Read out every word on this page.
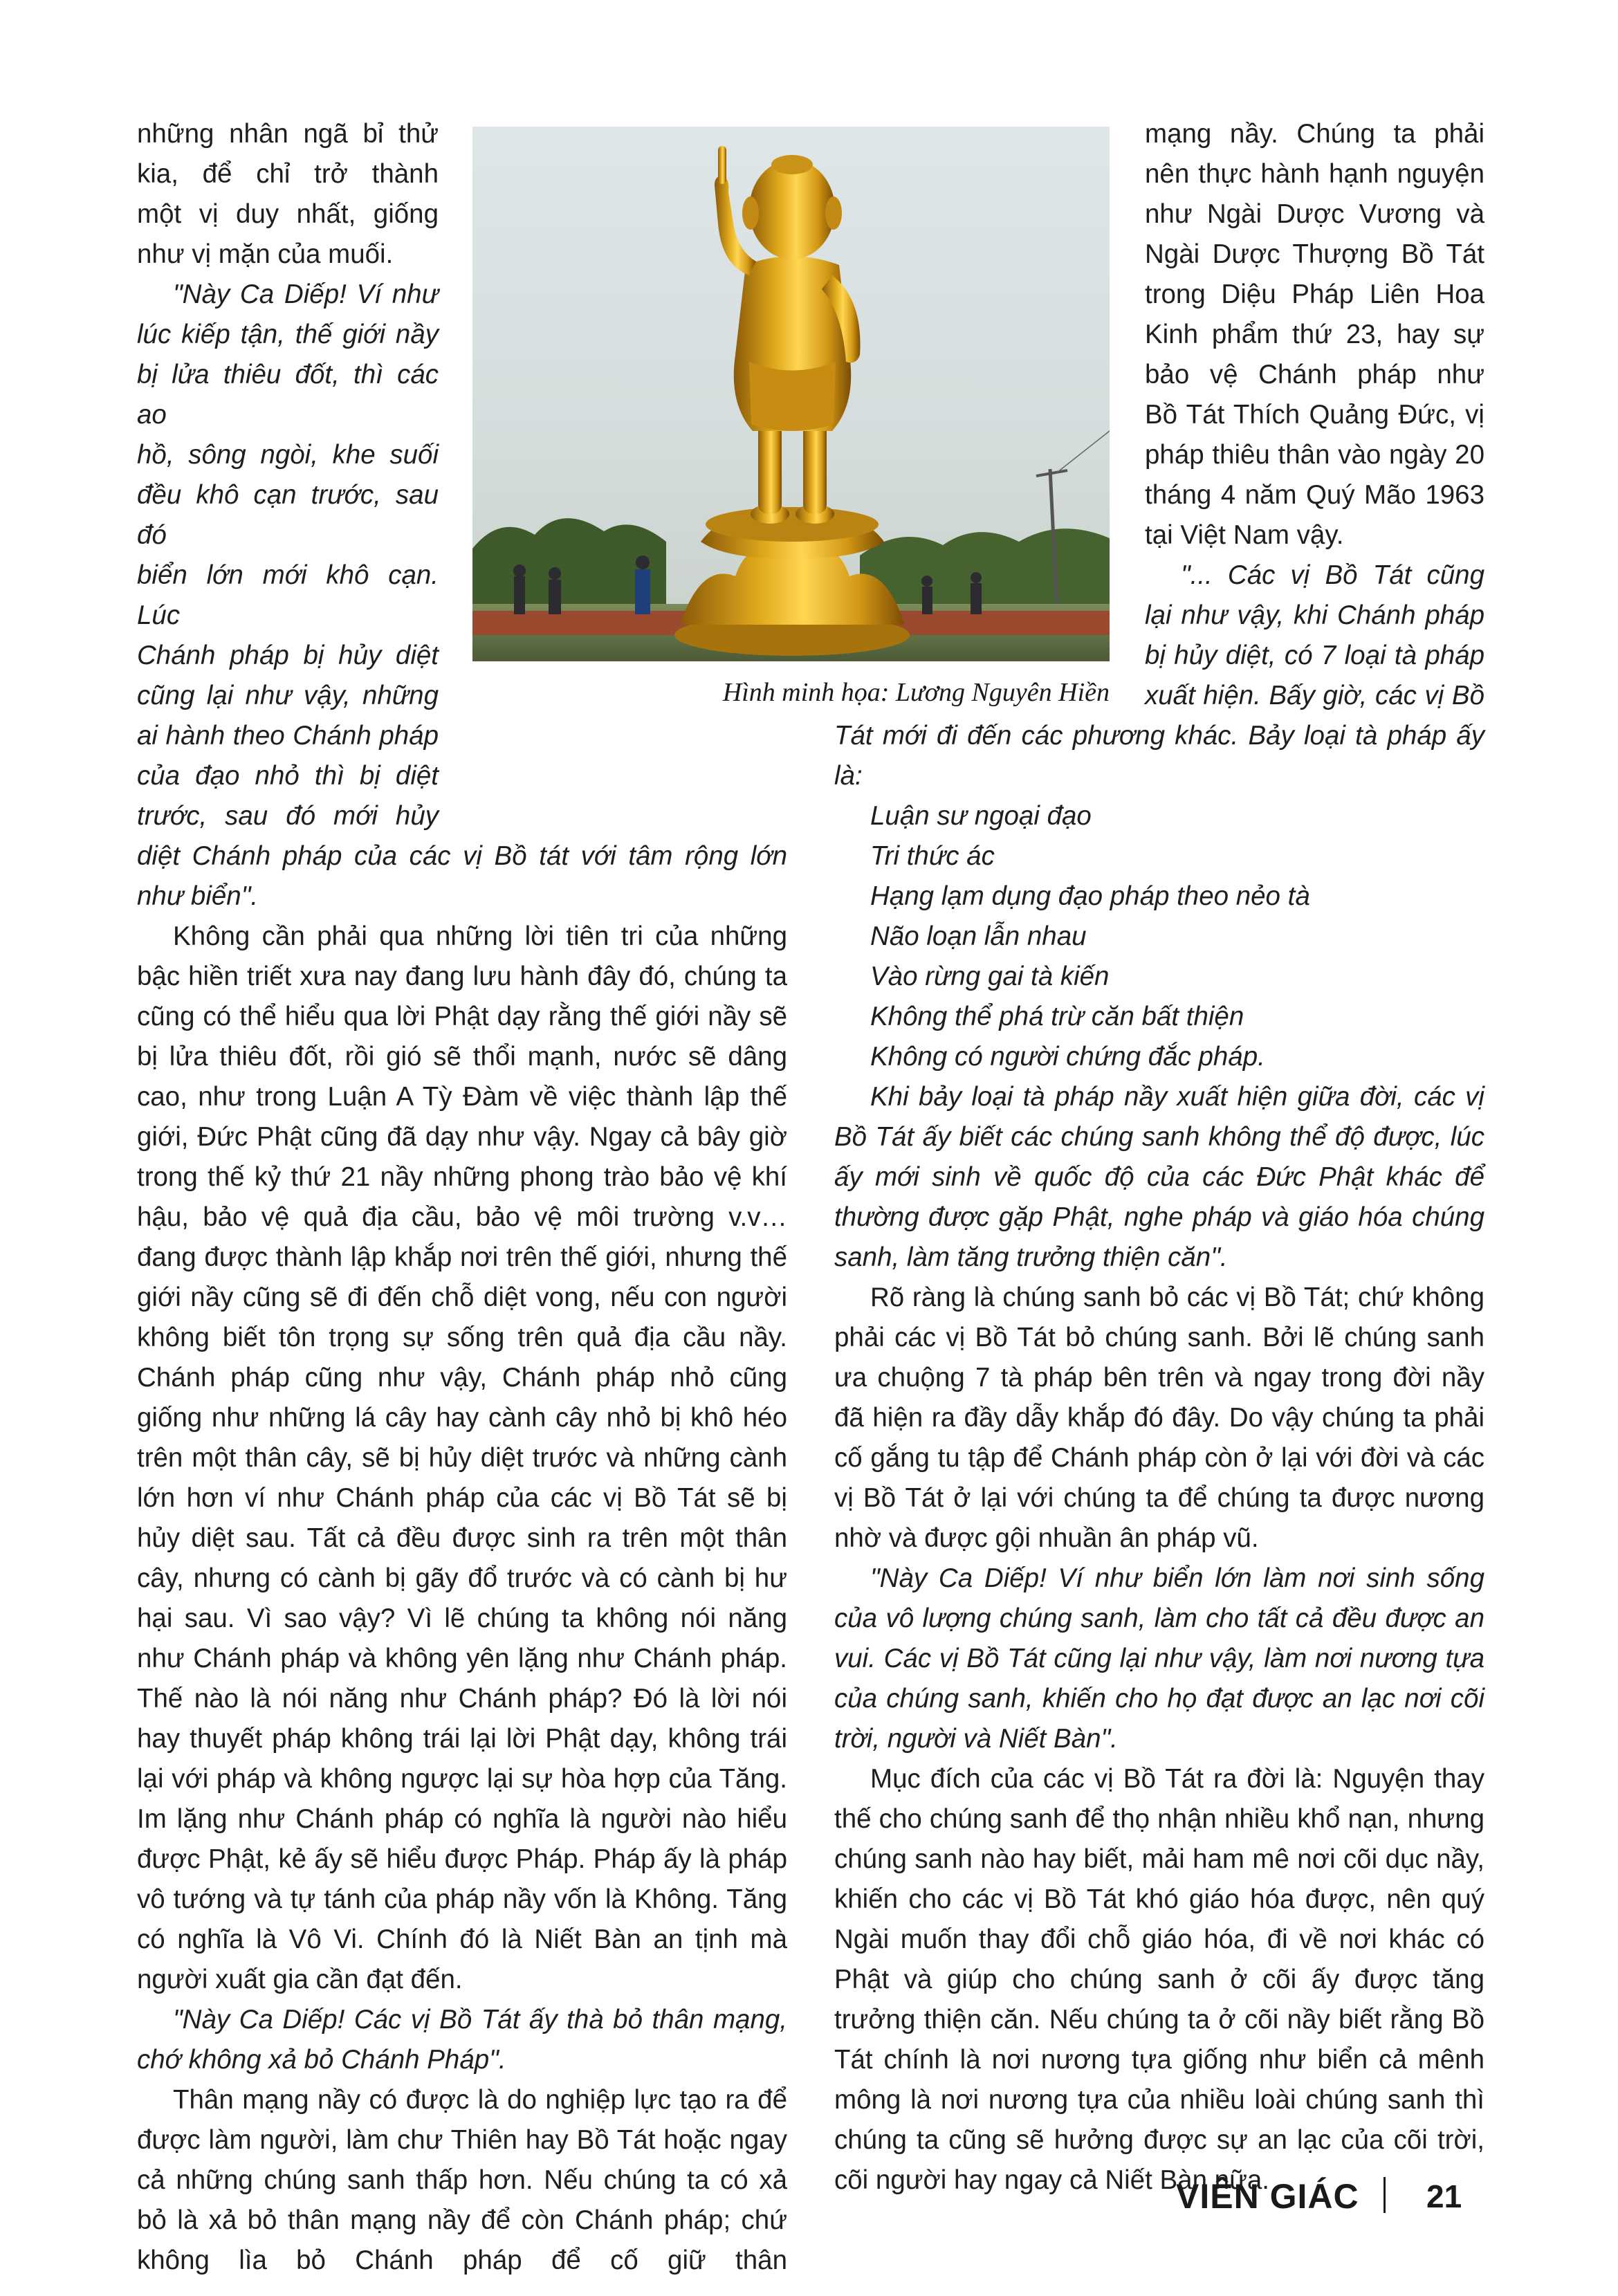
những nhân ngã bỉ thử
kia, để chỉ trở thành
một vị duy nhất, giống
như vị mặn của muối.
"Này Ca Diếp! Ví như
lúc kiếp tận, thế giới nầy
bị lửa thiêu đốt, thì các ao
hồ, sông ngòi, khe suối
đều khô cạn trước, sau đó
biển lớn mới khô cạn. Lúc
Chánh pháp bị hủy diệt
cũng lại như vậy, những
ai hành theo Chánh pháp
của đạo nhỏ thì bị diệt
trước, sau đó mới hủy

diệt Chánh pháp của các vị Bồ tát với tâm rộng lớn như biển".

Không cần phải qua những lời tiên tri của những bậc hiền triết xưa nay đang lưu hành đây đó, chúng ta cũng có thể hiểu qua lời Phật dạy rằng thế giới nầy sẽ bị lửa thiêu đốt, rồi gió sẽ thổi mạnh, nước sẽ dâng cao, như trong Luận A Tỳ Đàm về việc thành lập thế giới, Đức Phật cũng đã dạy như vậy. Ngay cả bây giờ trong thế kỷ thứ 21 nầy những phong trào bảo vệ khí hậu, bảo vệ quả địa cầu, bảo vệ môi trường v.v… đang được thành lập khắp nơi trên thế giới, nhưng thế giới nầy cũng sẽ đi đến chỗ diệt vong, nếu con người không biết tôn trọng sự sống trên quả địa cầu nầy. Chánh pháp cũng như vậy, Chánh pháp nhỏ cũng giống như những lá cây hay cành cây nhỏ bị khô héo trên một thân cây, sẽ bị hủy diệt trước và những cành lớn hơn ví như Chánh pháp của các vị Bồ Tát sẽ bị hủy diệt sau. Tất cả đều được sinh ra trên một thân cây, nhưng có cành bị gãy đổ trước và có cành bị hư hại sau. Vì sao vậy? Vì lẽ chúng ta không nói năng như Chánh pháp và không yên lặng như Chánh pháp. Thế nào là nói năng như Chánh pháp? Đó là lời nói hay thuyết pháp không trái lại lời Phật dạy, không trái lại với pháp và không ngược lại sự hòa hợp của Tăng. Im lặng như Chánh pháp có nghĩa là người nào hiểu được Phật, kẻ ấy sẽ hiểu được Pháp. Pháp ấy là pháp vô tướng và tự tánh của pháp nầy vốn là Không. Tăng có nghĩa là Vô Vi. Chính đó là Niết Bàn an tịnh mà người xuất gia cần đạt đến.

"Này Ca Diếp! Các vị Bồ Tát ấy thà bỏ thân mạng, chớ không xả bỏ Chánh Pháp".

Thân mạng nầy có được là do nghiệp lực tạo ra để được làm người, làm chư Thiên hay Bồ Tát hoặc ngay cả những chúng sanh thấp hơn. Nếu chúng ta có xả bỏ là xả bỏ thân mạng nầy để còn Chánh pháp; chứ không lìa bỏ Chánh pháp để cố giữ thân

Hình minh họa: Lương Nguyên Hiền
mạng nầy. Chúng ta phải
nên thực hành hạnh nguyện
như Ngài Dược Vương và
Ngài Dược Thượng Bồ Tát
trong Diệu Pháp Liên Hoa
Kinh phẩm thứ 23, hay sự
bảo vệ Chánh pháp như
Bồ Tát Thích Quảng Đức, vị
pháp thiêu thân vào ngày 20
tháng 4 năm Quý Mão 1963
tại Việt Nam vậy.
"... Các vị Bồ Tát cũng
lại như vậy, khi Chánh pháp
bị hủy diệt, có 7 loại tà pháp
xuất hiện. Bấy giờ, các vị Bồ

Tát mới đi đến các phương khác. Bảy loại tà pháp ấy là:

Luận sư ngoại đạo
Tri thức ác
Hạng lạm dụng đạo pháp theo nẻo tà
Não loạn lẫn nhau
Vào rừng gai tà kiến
Không thể phá trừ căn bất thiện
Không có người chứng đắc pháp.

Khi bảy loại tà pháp nầy xuất hiện giữa đời, các vị Bồ Tát ấy biết các chúng sanh không thể độ được, lúc ấy mới sinh về quốc độ của các Đức Phật khác để thường được gặp Phật, nghe pháp và giáo hóa chúng sanh, làm tăng trưởng thiện căn".

Rõ ràng là chúng sanh bỏ các vị Bồ Tát; chứ không phải các vị Bồ Tát bỏ chúng sanh. Bởi lẽ chúng sanh ưa chuộng 7 tà pháp bên trên và ngay trong đời nầy đã hiện ra đầy dẫy khắp đó đây. Do vậy chúng ta phải cố gắng tu tập để Chánh pháp còn ở lại với đời và các vị Bồ Tát ở lại với chúng ta để chúng ta được nương nhờ và được gội nhuần ân pháp vũ.

"Này Ca Diếp! Ví như biển lớn làm nơi sinh sống của vô lượng chúng sanh, làm cho tất cả đều được an vui. Các vị Bồ Tát cũng lại như vậy, làm nơi nương tựa của chúng sanh, khiến cho họ đạt được an lạc nơi cõi trời, người và Niết Bàn".

Mục đích của các vị Bồ Tát ra đời là: Nguyện thay thế cho chúng sanh để thọ nhận nhiều khổ nạn, nhưng chúng sanh nào hay biết, mải ham mê nơi cõi dục nầy, khiến cho các vị Bồ Tát khó giáo hóa được, nên quý Ngài muốn thay đổi chỗ giáo hóa, đi về nơi khác có Phật và giúp cho chúng sanh ở cõi ấy được tăng trưởng thiện căn. Nếu chúng ta ở cõi nầy biết rằng Bồ Tát chính là nơi nương tựa giống như biển cả mênh mông là nơi nương tựa của nhiều loài chúng sanh thì chúng ta cũng sẽ hưởng được sự an lạc của cõi trời, cõi người hay ngay cả Niết Bàn nữa.

VIÊN GIÁC 21
